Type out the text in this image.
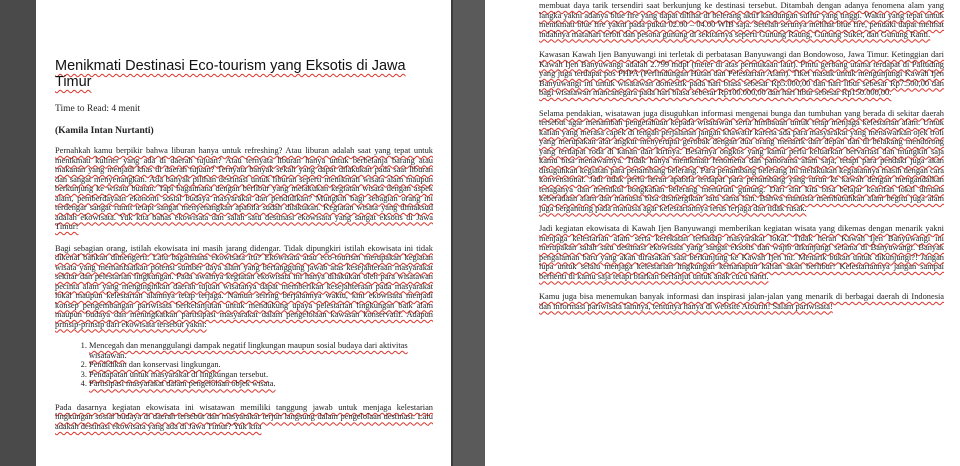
Menikmati Destinasi Eco-tourism yang Eksotis di Jawa Timur
Time to Read: 4 menit
(Kamila Intan Nurtanti)

Pernahkah kamu berpikir bahwa liburan hanya untuk refreshing? Atau liburan adalah saat yang tepat untuk menikmati kuliner yang ada di daerah tujuan? Atau ternyata liburan hanya untuk berbelanja barang atau makanan yang menjadi khas di daerah tujuan? Ternyata banyak sekali yang dapat dilakukan pada saat liburan dan sangat menyenangkan. Ada banyak pilihan destinasi untuk liburan seperti menikmati wisata alam maupun berkunjung ke wisata buatan. Tapi bagaimana dengan berlibur yang melakukan kegiatan wisata dengan aspek alam, pemberdayaan ekonomi sosial budaya masyarakat dan pendidikan? Mungkin bagi sebagian orang ini terdengar sangat rumit tetapi sangat menyenangkan apabila sudah dilakukan. Kegiatan wisata yang dimaksud adalah ekowisata. Yuk kita bahas ekowisata dan salah satu destinasi ekowisata yang sangat eksotis di Jawa Timur!

Bagi sebagian orang, istilah ekowisata ini masih jarang didengar. Tidak dipungkiri istilah ekowisata ini tidak dikenal bahkan dimengerti. Lalu bagaimana ekowisata itu? Ekowisata atau eco-tourism merupakan kegiatan wisata yang memanfaatkan potensi sumber daya alam yang bertanggung jawab atas kesejahteraan masyarakat sekitar dan pelestarian lingkungan. Pada awalnya kegiatan ekowisata ini hanya dilakukan oleh para wisatawan pecinta alam yang menginginkan daerah tujuan wisatanya dapat memberikan kesejahteraan pada masyarakat lokal maupun kelestarian alamnya tetap terjaga. Namun seiring berjalannya waktu, kini ekowisata menjadi konsep pengembangan pariwisata berkelanjutan untuk mendukung upaya pelestarian lingkungan baik alam maupun budaya dan meningkatkan partisipasi masyarakat dalam pengelolaan kawasan konservatif. Adapun prinsip-prinsip dari ekowisata tersebut yakni:

1. Mencegah dan menanggulangi dampak negatif lingkungan maupun sosial budaya dari aktivitas wisatawan.
2. Pendidikan dan konservasi lingkungan.
3. Pendapatan untuk masyarakat di lingkungan tersebut.
4. Partisipasi masyarakat dalam pengelolaan objek wisata.

Pada dasarnya kegiatan ekowisata ini wisatawan memiliki tanggung jawab untuk menjaga kelestarian lingkungan sosial budaya di daerah tersebut dan masyarakat terjun langsung dalam pengelolaan destinasi. Lalu adakah destinasi ekowisata yang ada di Jawa Timur? Yuk kita

membuat daya tarik tersendiri saat berkunjung ke destinasi tersebut. Ditambah dengan adanya fenomena alam yang langka yakni adanya blue fire yang dapat dilihat di belerang aktif kandungan sulfur yang tinggi. Waktu yang tepat untuk menikmati blue fire yakni pada pukul 02.00 – 04.00 WIB saja. Setelah serunya melihat blue fire, pendaki dapat melihat indahnya matahari terbit dan pesona gunung di sekitarnya seperti Gunung Raung, Gunung Suket, dan Gunung Ranti.

Kawasan Kawah Ijen Banyuwangi ini terletak di perbatasan Banyuwangi dan Bondowoso, Jawa Timur. Ketinggian dari Kawah Ijen Banyuwangi adalah 2.799 mdpl (meter di atas permukaan laut). Pintu gerbang utama terdapat di Paltuding yang juga terdapat pos PHPA (Perlindungan Hutan dan Pelestarian Alam). Tiket masuk untuk mengunjungi Kawah Ijen Banyuwangi ini untuk wisatawan domestik pada hari biasa sebesar Rp5.000,00 dan hari libur sebesar Rp7.500,00 dan bagi wisatawan mancanegara pada hari biasa sebesar Rp100.000,00 dan hari libur sebesar Rp150.000,00.

Selama pendakian, wisatawan juga disuguhkan informasi mengenai bunga dan tumbuhan yang berada di sekitar daerah tersebut agar menambah pengetahuan kepada wisatawan serta himbauan untuk tetap menjaga kelestarian alam. Untuk kalian yang merasa capek di tengah perjalanan jangan khawatir karena ada para masyarakat yang menawarkan ojek troli yang merupakan alat angkut menyerupai gerobak dengan dua orang menarik dari depan dan di belakang mendorong yang terdapat roda di kanan dan kirinya. Besarnya ongkos yang kamu perlu keluarkan bervariasi dan mungkin saja kamu bisa menawarnya. Tidak hanya menikmati fenomena dan panorama alam saja, tetapi para pendaki juga akan disuguhkan kegiatan para penambang belerang. Para penambang belerang ini melakukan kegiatannya masih dengan cara konvensional. Jadi tidak perlu heran apabila terdapat para penambang yang turun ke kawah dengan mengandalkan tenaganya dan memikul bongkahan belerang menuruni gunung. Dari sini kita bisa belajar kearifan lokal dimana keberadaan alam dan manusia bisa disinergikan satu sama lain. Bahwa manusia membutuhkan alam begitu juga alam juga bergantung pada manusia agar kelestariannya terus terjaga dan tidak rusak.

Jadi kegiatan ekowisata di Kawah Ijen Banyuwangi memberikan kegiatan wisata yang dikemas dengan menarik yakni menjaga kelestarian alam serta kerekatan terhadap masyarakat lokal. Tidak heran Kawah Ijen Banyuwangi ini merupakan salah satu destinasi ekowisata yang sangat eksotis dan wajib dikunjungi selama di Banyuwangi. Banyak pengalaman baru yang akan dirasakan saat berkunjung ke Kawah Ijen ini. Menarik bukan untuk dikunjungi?! Jangan lupa untuk selalu menjaga kelestarian lingkungan kemanapun kalian akan berlibur! Kelestariannya jangan sampai berhenti di kamu saja tetapi biarkan berlanjut untuk anak cucu nanti.

Kamu juga bisa menemukan banyak informasi dan inspirasi jalan-jalan yang menarik di berbagai daerah di Indonesia dan informasi pariwisata lainnya, tentunya hanya di website Atourin! Salam pariwisata!
